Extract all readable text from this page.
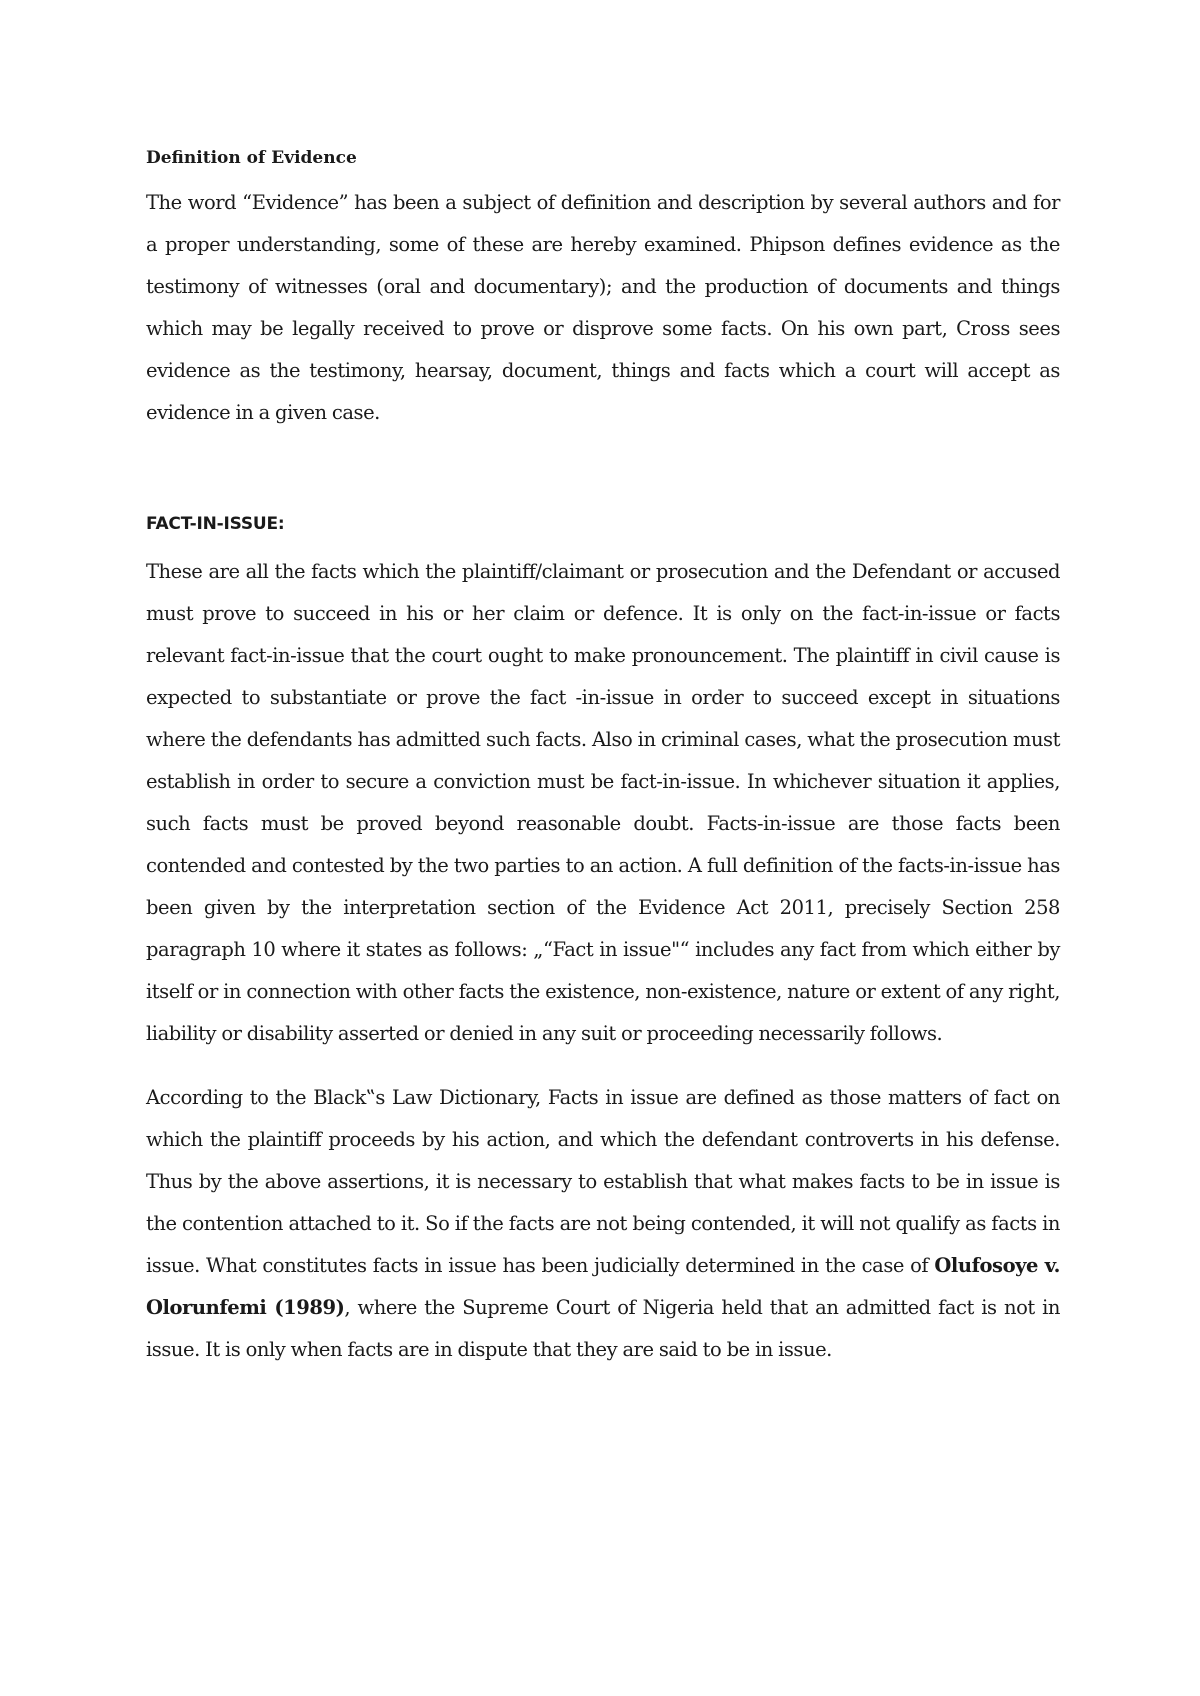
Definition of Evidence

The word “Evidence” has been a subject of definition and description by several authors and for a proper understanding, some of these are hereby examined. Phipson defines evidence as the testimony of witnesses (oral and documentary); and the production of documents and things which may be legally received to prove or disprove some facts. On his own part, Cross sees evidence as the testimony, hearsay, document, things and facts which a court will accept as evidence in a given case.

FACT-IN-ISSUE:

These are all the facts which the plaintiff/claimant or prosecution and the Defendant or accused must prove to succeed in his or her claim or defence. It is only on the fact-in-issue or facts relevant fact-in-issue that the court ought to make pronouncement. The plaintiff in civil cause is expected to substantiate or prove the fact -in-issue in order to succeed except in situations where the defendants has admitted such facts. Also in criminal cases, what the prosecution must establish in order to secure a conviction must be fact-in-issue. In whichever situation it applies, such facts must be proved beyond reasonable doubt. Facts-in-issue are those facts been contended and contested by the two parties to an action. A full definition of the facts-in-issue has been given by the interpretation section of the Evidence Act 2011, precisely Section 258 paragraph 10 where it states as follows: „“Fact in issue"“ includes any fact from which either by itself or in connection with other facts the existence, non-existence, nature or extent of any right, liability or disability asserted or denied in any suit or proceeding necessarily follows.

According to the Black‟s Law Dictionary, Facts in issue are defined as those matters of fact on which the plaintiff proceeds by his action, and which the defendant controverts in his defense. Thus by the above assertions, it is necessary to establish that what makes facts to be in issue is the contention attached to it. So if the facts are not being contended, it will not qualify as facts in issue. What constitutes facts in issue has been judicially determined in the case of Olufosoye v. Olorunfemi (1989), where the Supreme Court of Nigeria held that an admitted fact is not in issue. It is only when facts are in dispute that they are said to be in issue.
